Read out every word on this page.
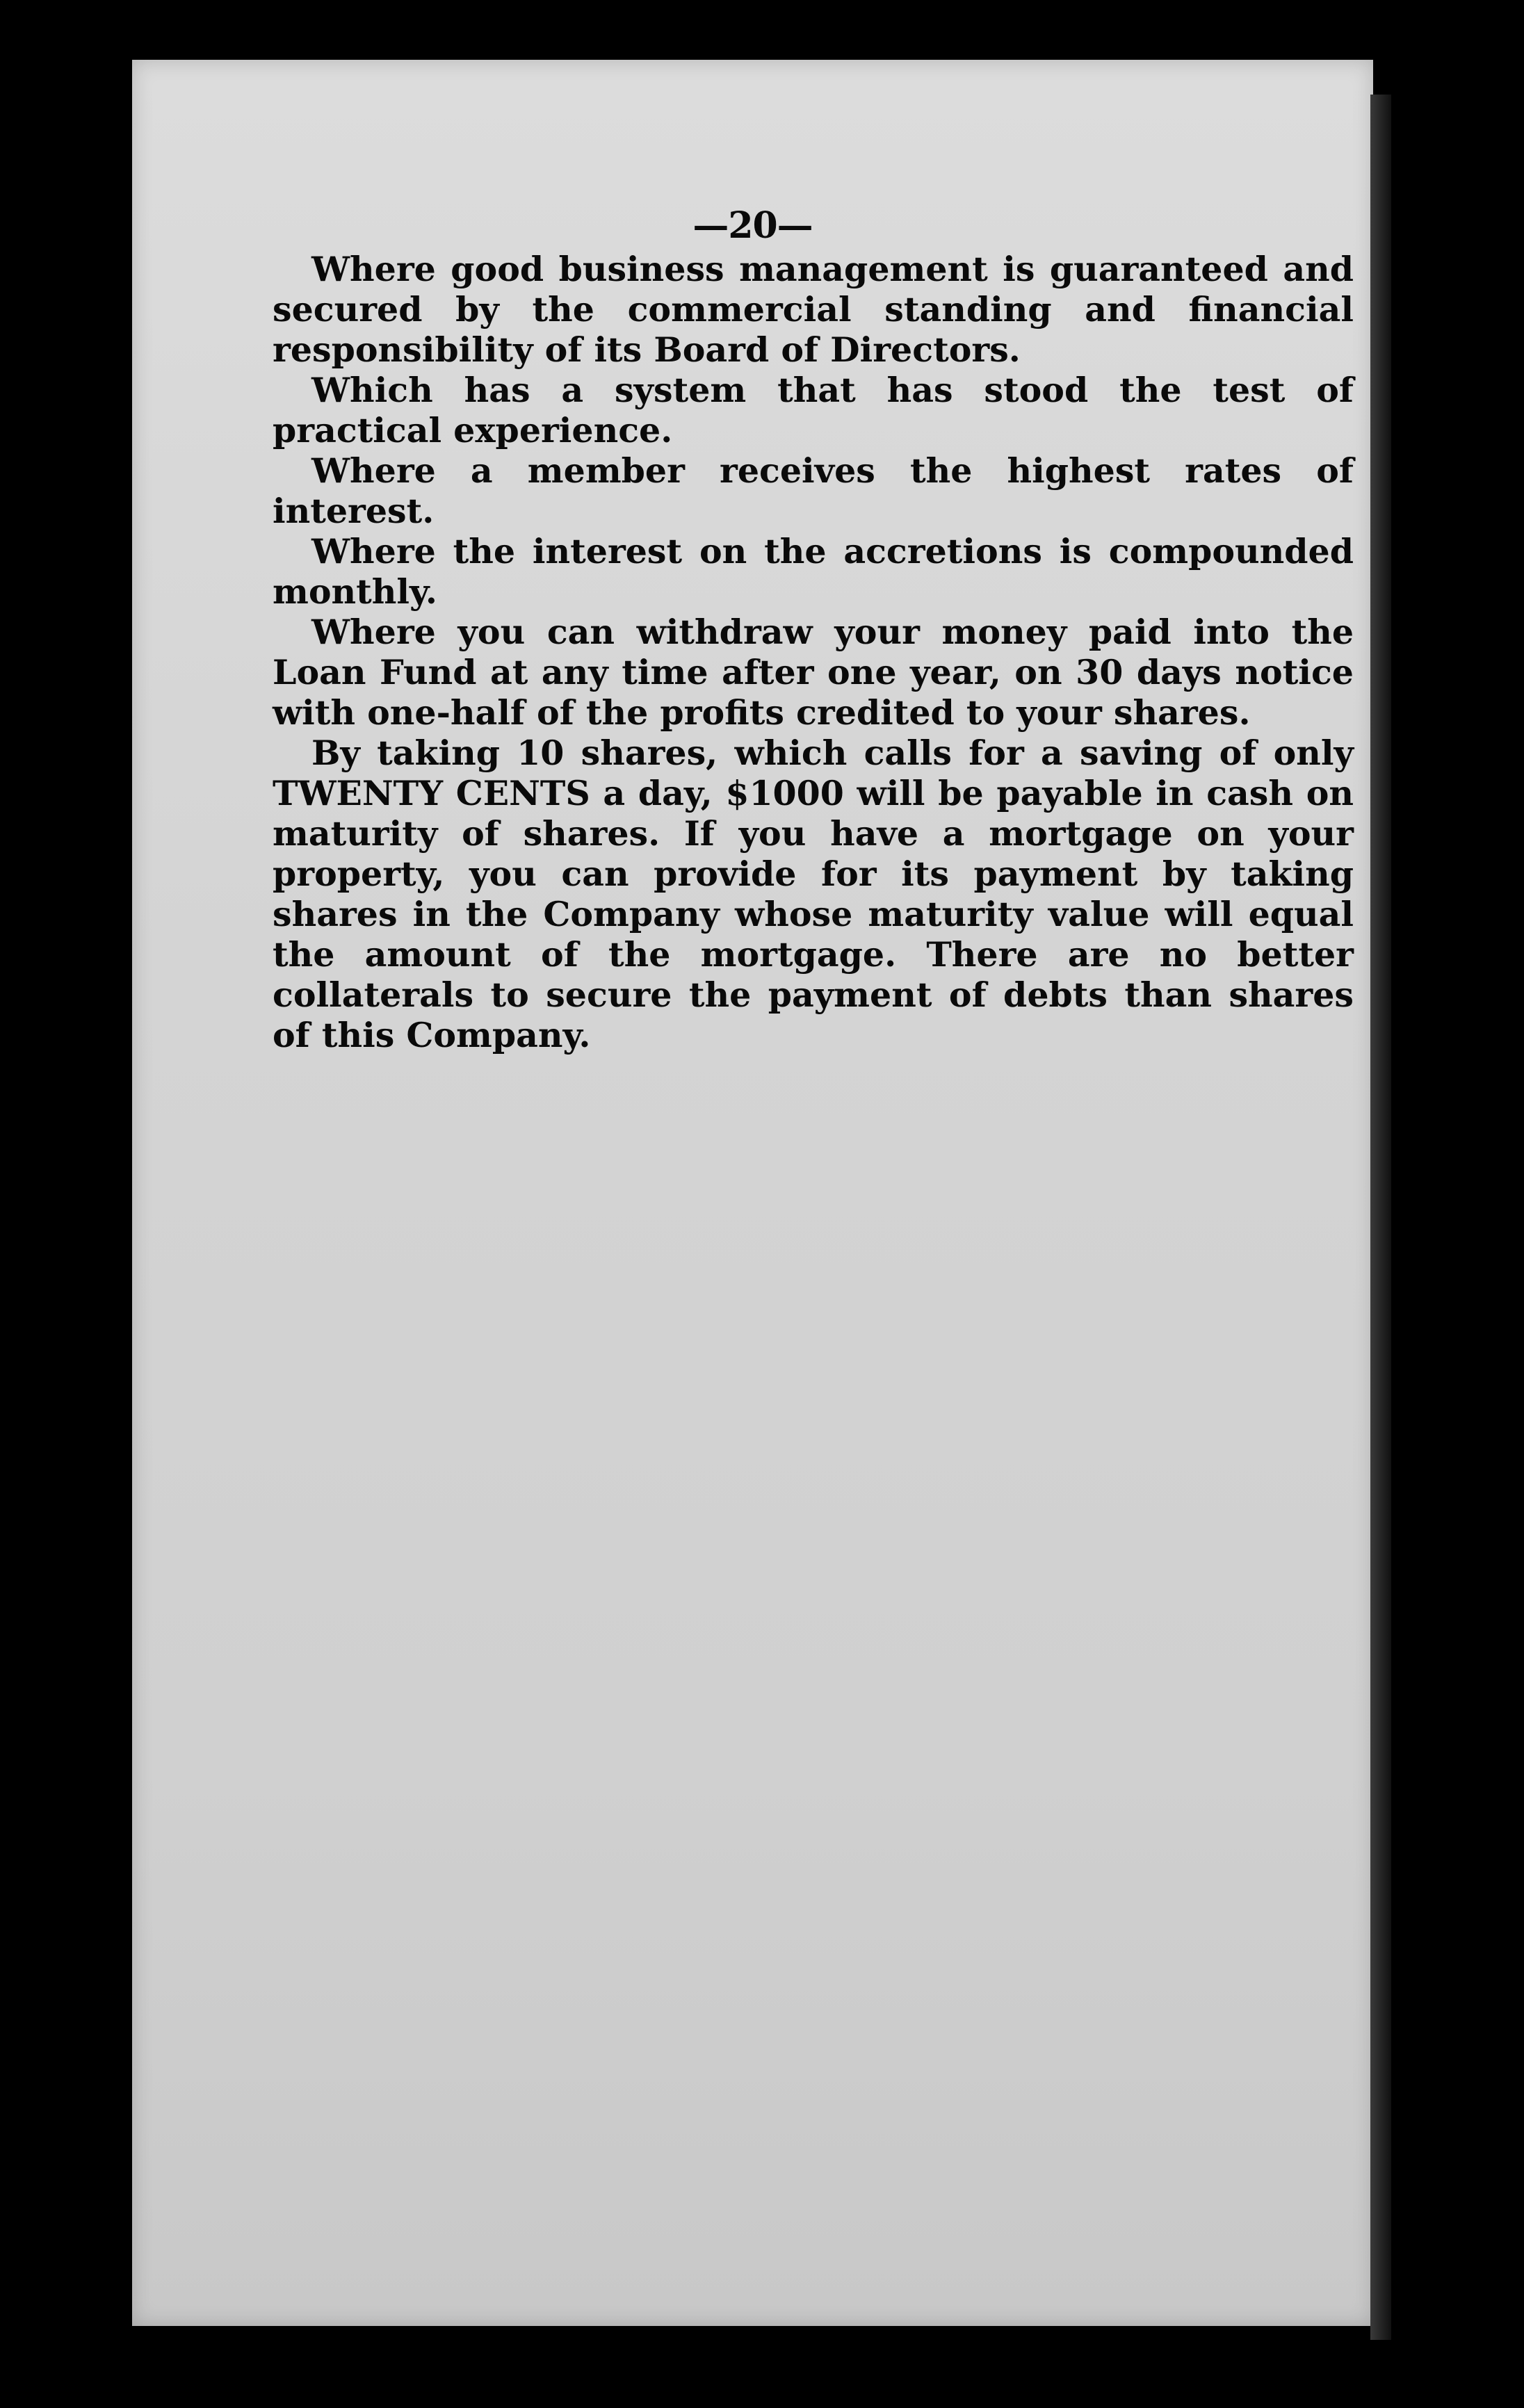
—20—

Where good business management is guaranteed and secured by the commercial standing and financial responsibility of its Board of Directors.

Which has a system that has stood the test of practical experience.

Where a member receives the highest rates of interest.

Where the interest on the accretions is compounded monthly.

Where you can withdraw your money paid into the Loan Fund at any time after one year, on 30 days notice with one-half of the profits credited to your shares.

By taking 10 shares, which calls for a saving of only TWENTY CENTS a day, $1000 will be payable in cash on maturity of shares. If you have a mortgage on your property, you can provide for its payment by taking shares in the Company whose maturity value will equal the amount of the mortgage. There are no better collaterals to secure the payment of debts than shares of this Company.
